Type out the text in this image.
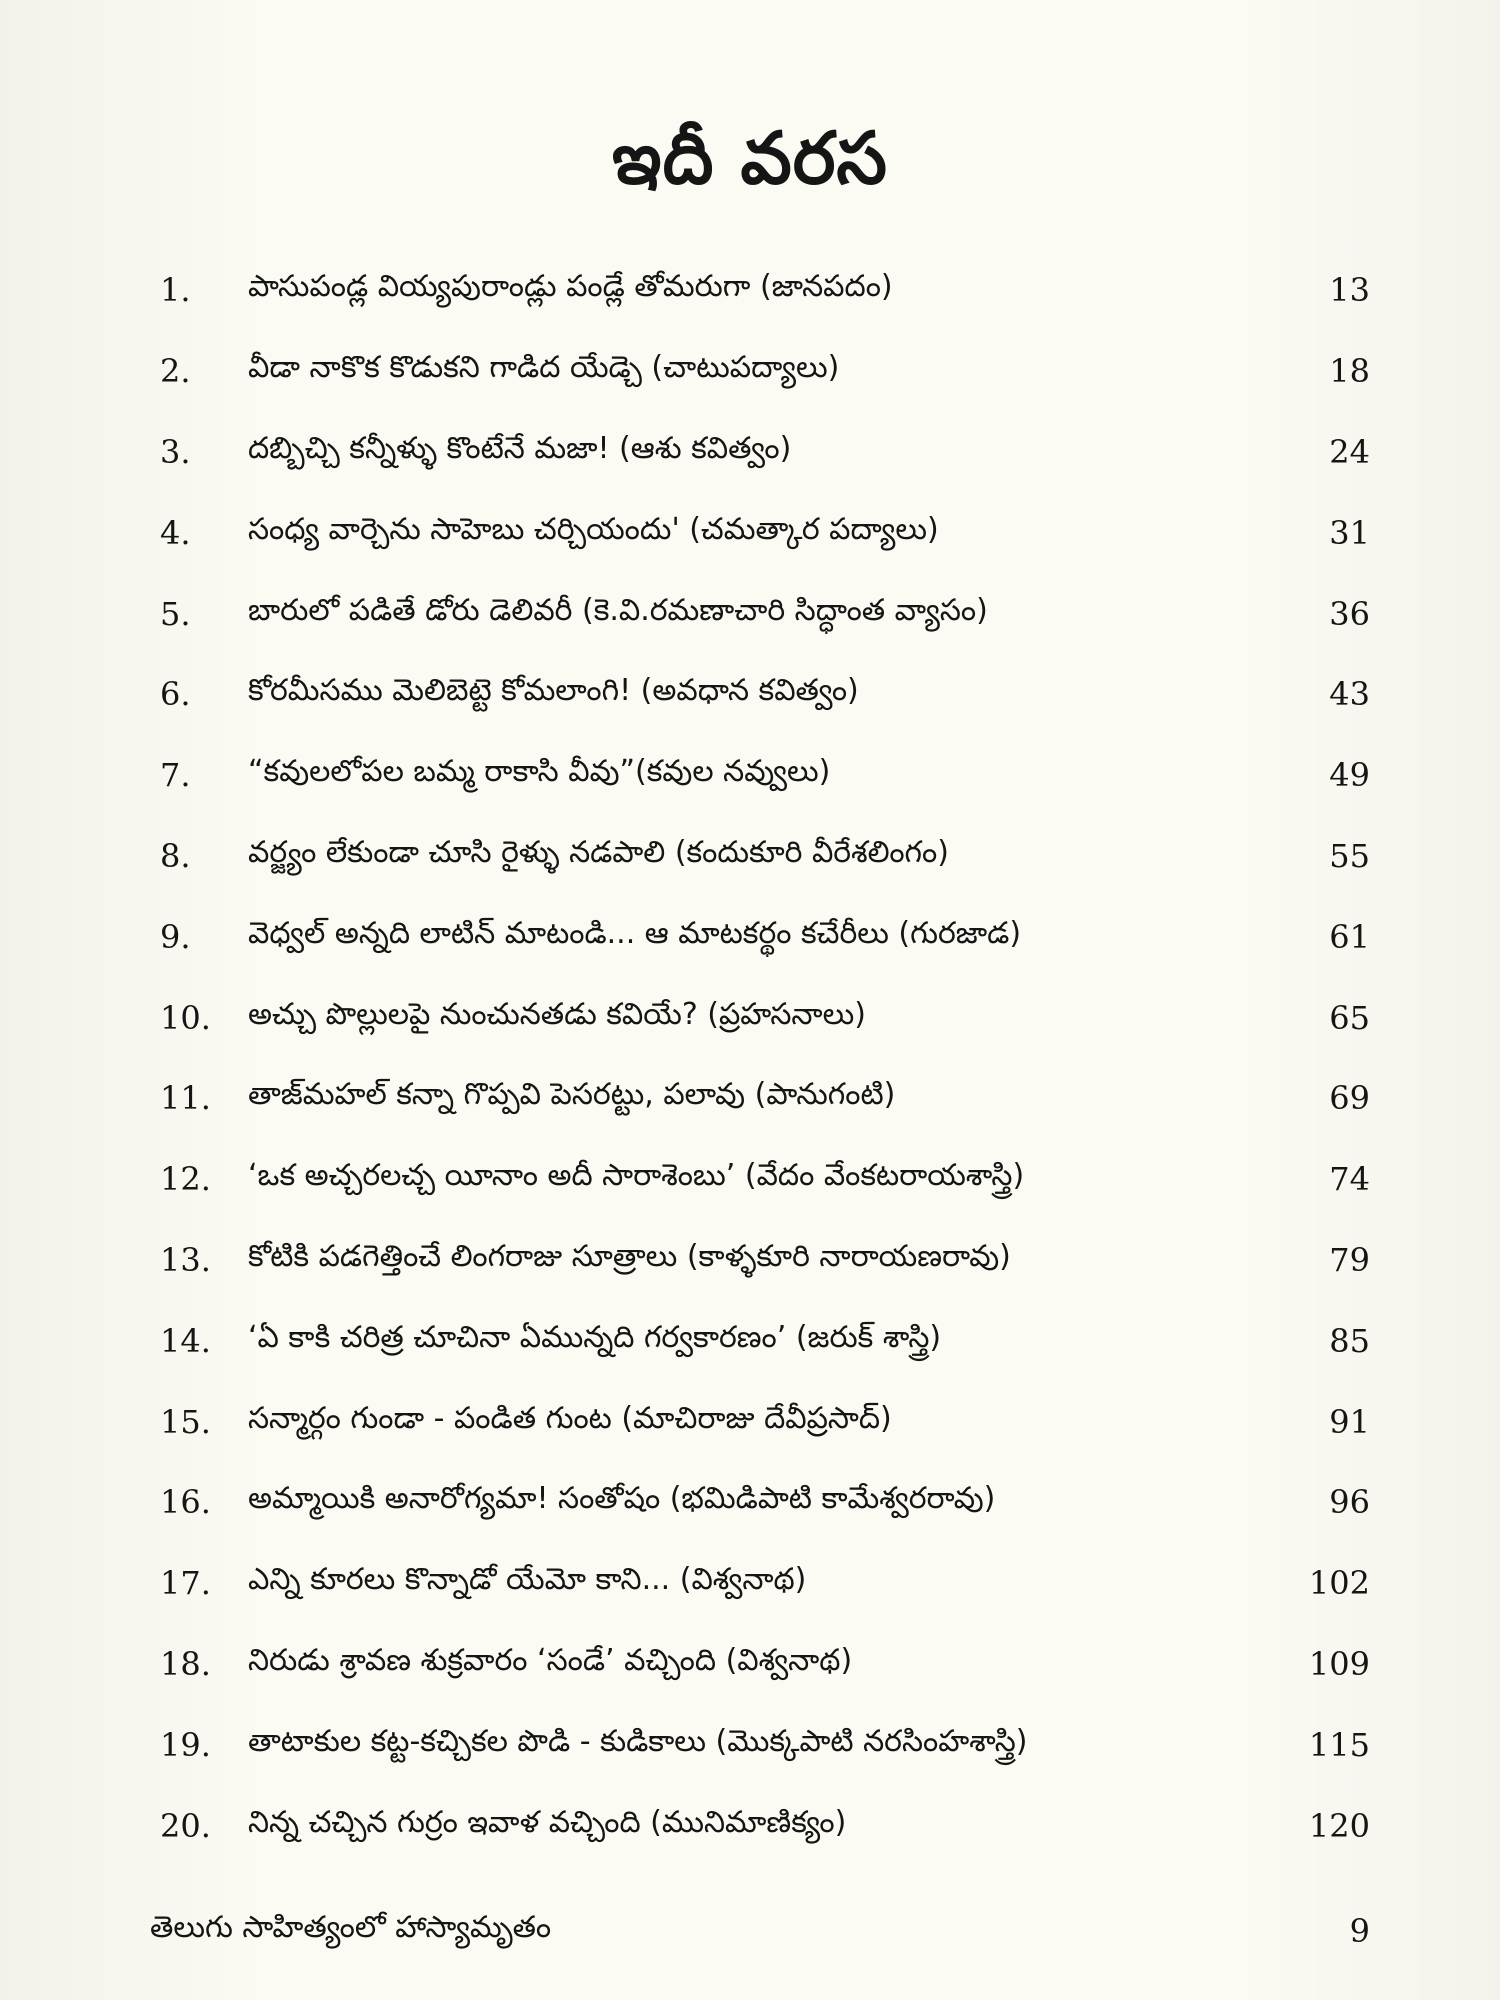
ఇదీ వరస
1.	పాసుపండ్ల వియ్యపురాండ్లు పండ్లే తోమరుగా (జానపదం)	13
2.	వీడా నాకొక కొడుకని గాడిద యేడ్చె (చాటుపద్యాలు)	18
3.	దబ్బిచ్చి కన్నీళ్ళు కొంటేనే మజా! (ఆశు కవిత్వం)	24
4.	సంధ్య వార్చెను సాహెబు చర్చియందు' (చమత్కార పద్యాలు)	31
5.	బారులో పడితే డోరు డెలివరీ (కె.వి.రమణాచారి సిద్ధాంత వ్యాసం)	36
6.	కోరమీసము మెలిబెట్టె కోమలాంగి! (అవధాన కవిత్వం)	43
7.	“కవులలోపల బమ్మ రాకాసి వీవు”(కవుల నవ్వులు)	49
8.	వర్జ్యం లేకుండా చూసి రైళ్ళు నడపాలి (కందుకూరి వీరేశలింగం)	55
9.	వెధ్వల్ అన్నది లాటిన్ మాటండి... ఆ మాటకర్థం కచేరీలు (గురజాడ)	61
10.	అచ్చు పొల్లులపై నుంచునతడు కవియే? (ప్రహసనాలు)	65
11.	తాజ్‌మహల్ కన్నా గొప్పవి పెసరట్టు, పలావు (పానుగంటి)	69
12.	‘ఒక అచ్చరలచ్చ యీనాం అదీ సారాశెంబు’ (వేదం వేంకటరాయశాస్త్రి)	74
13.	కోటికి పడగెత్తించే లింగరాజు సూత్రాలు (కాళ్ళకూరి నారాయణరావు)	79
14.	‘ఏ కాకి చరిత్ర చూచినా ఏమున్నది గర్వకారణం’ (జరుక్ శాస్త్రి)	85
15.	సన్మార్గం గుండా - పండిత గుంట (మాచిరాజు దేవీప్రసాద్)	91
16.	అమ్మాయికి అనారోగ్యమా! సంతోషం (భమిడిపాటి కామేశ్వరరావు)	96
17.	ఎన్ని కూరలు కొన్నాడో యేమో కాని... (విశ్వనాథ)	102
18.	నిరుడు శ్రావణ శుక్రవారం ‘సండే’ వచ్చింది (విశ్వనాథ)	109
19.	తాటాకుల కట్ట-కచ్చికల పొడి - కుడికాలు (మొక్కపాటి నరసింహశాస్త్రి)	115
20.	నిన్న చచ్చిన గుర్రం ఇవాళ వచ్చింది (మునిమాణిక్యం)	120
తెలుగు సాహిత్యంలో హాస్యామృతం	9
